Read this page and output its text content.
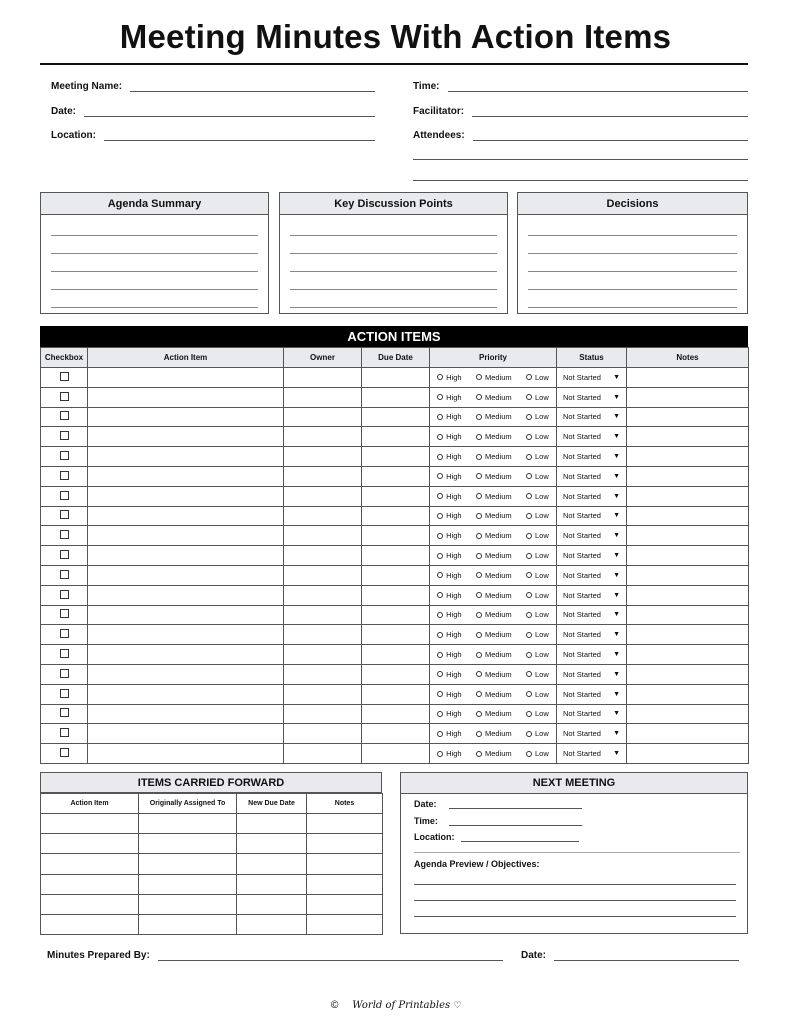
Meeting Minutes With Action Items
Meeting Name:
Date:
Location:
Time:
Facilitator:
Attendees:
Agenda Summary	Key Discussion Points	Decisions
ACTION ITEMS
Checkbox	Action Item	Owner	Due Date	Priority	Status	Notes

				High Medium Low	Not Started ▼	

				High Medium Low	Not Started ▼	

				High Medium Low	Not Started ▼	

				High Medium Low	Not Started ▼	

				High Medium Low	Not Started ▼	

				High Medium Low	Not Started ▼	

				High Medium Low	Not Started ▼	

				High Medium Low	Not Started ▼	

				High Medium Low	Not Started ▼	

				High Medium Low	Not Started ▼	

				High Medium Low	Not Started ▼	

				High Medium Low	Not Started ▼	

				High Medium Low	Not Started ▼	

				High Medium Low	Not Started ▼	

				High Medium Low	Not Started ▼	

				High Medium Low	Not Started ▼	

				High Medium Low	Not Started ▼	

				High Medium Low	Not Started ▼	

				High Medium Low	Not Started ▼	

				High Medium Low	Not Started ▼	

ITEMS CARRIED FORWARD
Action Item	Originally Assigned To	New Due Date	Notes

NEXT MEETING
Date:
Time:
Location:
Agenda Preview / Objectives:
Minutes Prepared By:	Date:
© World of Printables ♡
